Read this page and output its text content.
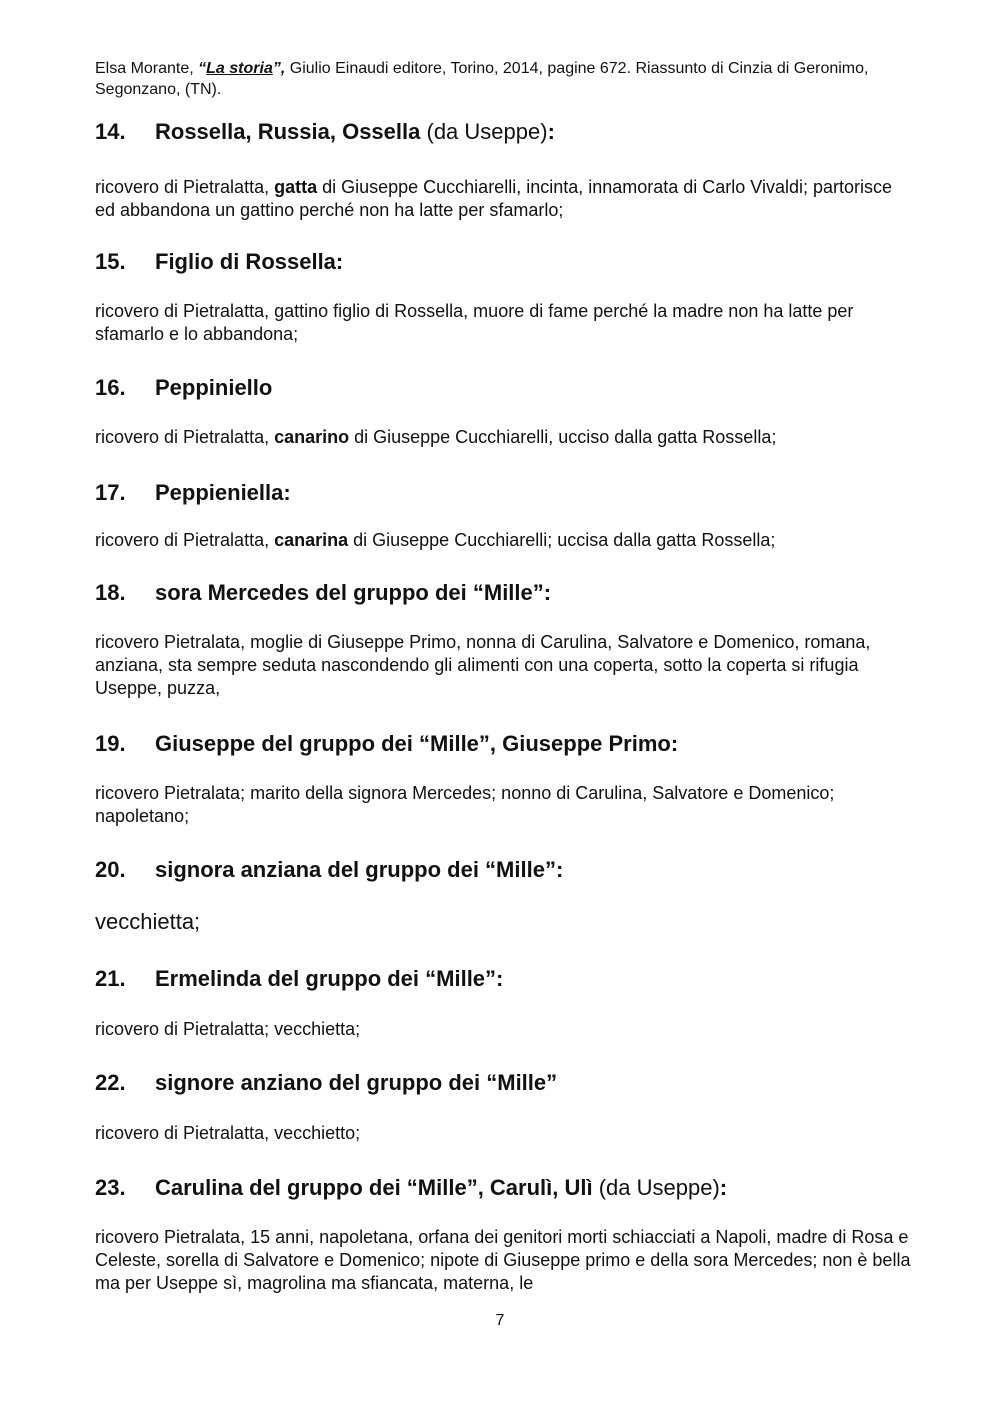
Elsa Morante, “La storia”, Giulio Einaudi editore, Torino, 2014, pagine 672. Riassunto di Cinzia di Geronimo, Segonzano, (TN).
14.	Rossella, Russia, Ossella (da Useppe):

ricovero di Pietralatta, gatta di Giuseppe Cucchiarelli, incinta, innamorata di Carlo Vivaldi; partorisce ed abbandona un gattino perché non ha latte per sfamarlo;

15.	Figlio di Rossella:

ricovero di Pietralatta, gattino figlio di Rossella, muore di fame perché la madre non ha latte per sfamarlo e lo abbandona;

16.	Peppiniello

ricovero di Pietralatta, canarino di Giuseppe Cucchiarelli, ucciso dalla gatta Rossella;

17.	Peppieniella:

ricovero di Pietralatta, canarina di Giuseppe Cucchiarelli; uccisa dalla gatta Rossella;

18.	sora Mercedes del gruppo dei “Mille”:

ricovero Pietralata, moglie di Giuseppe Primo, nonna di Carulina, Salvatore e Domenico, romana, anziana, sta sempre seduta nascondendo gli alimenti con una coperta, sotto la coperta si rifugia Useppe, puzza,

19.	Giuseppe del gruppo dei “Mille”, Giuseppe Primo:

ricovero Pietralata; marito della signora Mercedes; nonno di Carulina, Salvatore e Domenico; napoletano;

20.	signora anziana del gruppo dei “Mille”:

vecchietta;

21.	Ermelinda del gruppo dei “Mille”:

ricovero di Pietralatta; vecchietta;

22.	signore anziano del gruppo dei “Mille”

ricovero di Pietralatta, vecchietto;

23.	Carulina del gruppo dei “Mille”, Carulì, Ulì (da Useppe):

ricovero Pietralata, 15 anni, napoletana, orfana dei genitori morti schiacciati a Napoli, madre di Rosa e Celeste, sorella di Salvatore e Domenico; nipote di Giuseppe primo e della sora Mercedes; non è bella ma per Useppe sì, magrolina ma sfiancata, materna, le

7
